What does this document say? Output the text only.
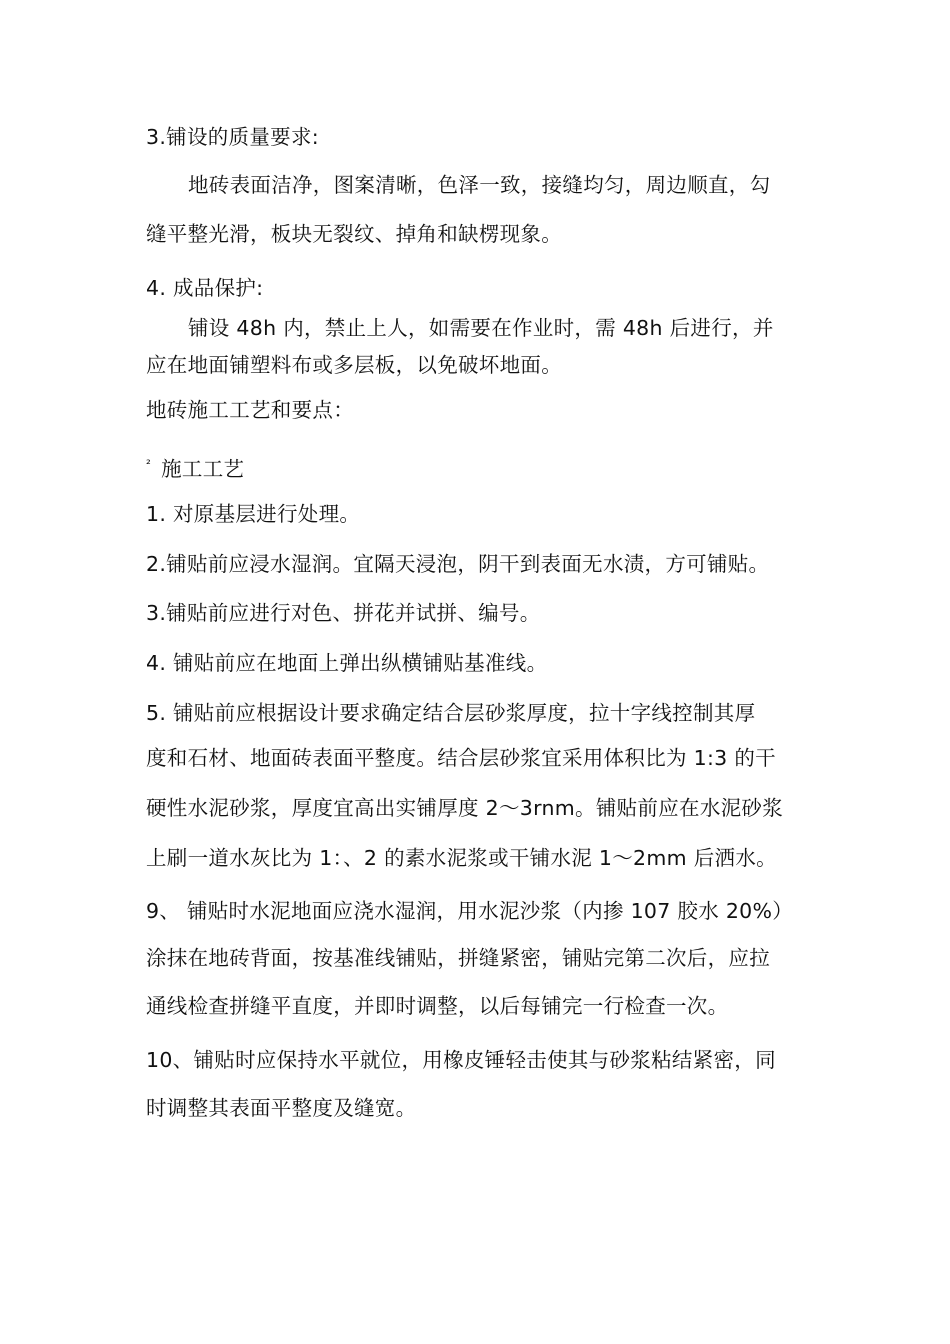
3.铺设的质量要求:
地砖表面洁净，图案清晰，色泽一致，接缝均匀，周边顺直，勾
缝平整光滑，板块无裂纹、掉角和缺楞现象。
4. 成品保护:
铺设 48h 内，禁止上人，如需要在作业时，需 48h 后进行，并
应在地面铺塑料布或多层板，以免破坏地面。
地砖施工工艺和要点：
$^{^2}$ 施工工艺
1. 对原基层进行处理。
2.铺贴前应浸水湿润。宜隔天浸泡，阴干到表面无水渍，方可铺贴。
3.铺贴前应进行对色、拼花并试拼、编号。
4. 铺贴前应在地面上弹出纵横铺贴基准线。
5. 铺贴前应根据设计要求确定结合层砂浆厚度，拉十字线控制其厚
度和石材、地面砖表面平整度。结合层砂浆宜采用体积比为 1:3 的干
硬性水泥砂浆，厚度宜高出实铺厚度 2～3rnm。铺贴前应在水泥砂浆
上刷一道水灰比为 1：、2 的素水泥浆或干铺水泥 1～2mm 后洒水。
9、 铺贴时水泥地面应浇水湿润，用水泥沙浆（内掺 107 胶水 20%）
涂抹在地砖背面，按基准线铺贴，拼缝紧密，铺贴完第二次后，应拉
通线检查拼缝平直度，并即时调整，以后每铺完一行检查一次。
10、铺贴时应保持水平就位，用橡皮锤轻击使其与砂浆粘结紧密，同
时调整其表面平整度及缝宽。
